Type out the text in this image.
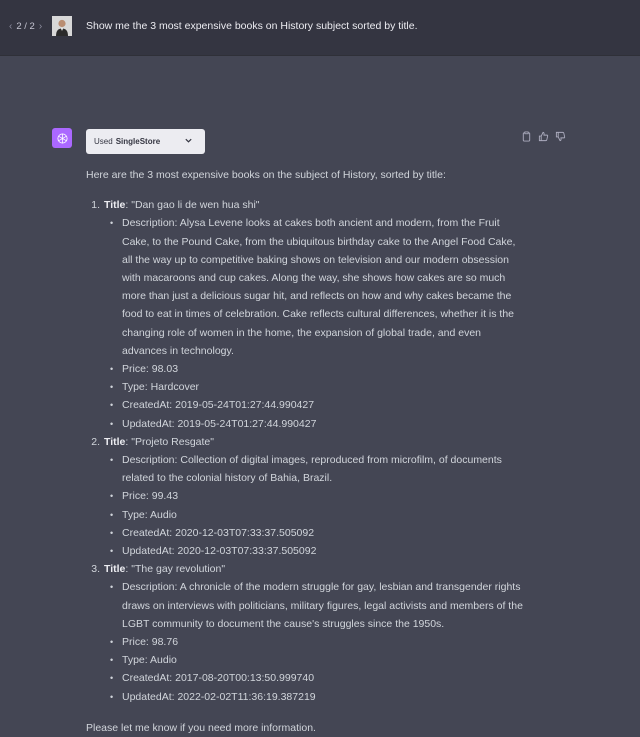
‹ 2 / 2 ›	Show me the 3 most expensive books on History subject sorted by title.
Used SingleStore

Here are the 3 most expensive books on the subject of History, sorted by title:

1. Title: "Dan gao li de wen hua shi"
• Description: Alysa Levene looks at cakes both ancient and modern, from the Fruit Cake, to the Pound Cake, from the ubiquitous birthday cake to the Angel Food Cake, all the way up to competitive baking shows on television and our modern obsession with macaroons and cup cakes. Along the way, she shows how cakes are so much more than just a delicious sugar hit, and reflects on how and why cakes became the food to eat in times of celebration. Cake reflects cultural differences, whether it is the changing role of women in the home, the expansion of global trade, and even advances in technology.
• Price: 98.03
• Type: Hardcover
• CreatedAt: 2019-05-24T01:27:44.990427
• UpdatedAt: 2019-05-24T01:27:44.990427
2. Title: "Projeto Resgate"
• Description: Collection of digital images, reproduced from microfilm, of documents related to the colonial history of Bahia, Brazil.
• Price: 99.43
• Type: Audio
• CreatedAt: 2020-12-03T07:33:37.505092
• UpdatedAt: 2020-12-03T07:33:37.505092
3. Title: "The gay revolution"
• Description: A chronicle of the modern struggle for gay, lesbian and transgender rights draws on interviews with politicians, military figures, legal activists and members of the LGBT community to document the cause's struggles since the 1950s.
• Price: 98.76
• Type: Audio
• CreatedAt: 2017-08-20T00:13:50.999740
• UpdatedAt: 2022-02-02T11:36:19.387219

Please let me know if you need more information.
